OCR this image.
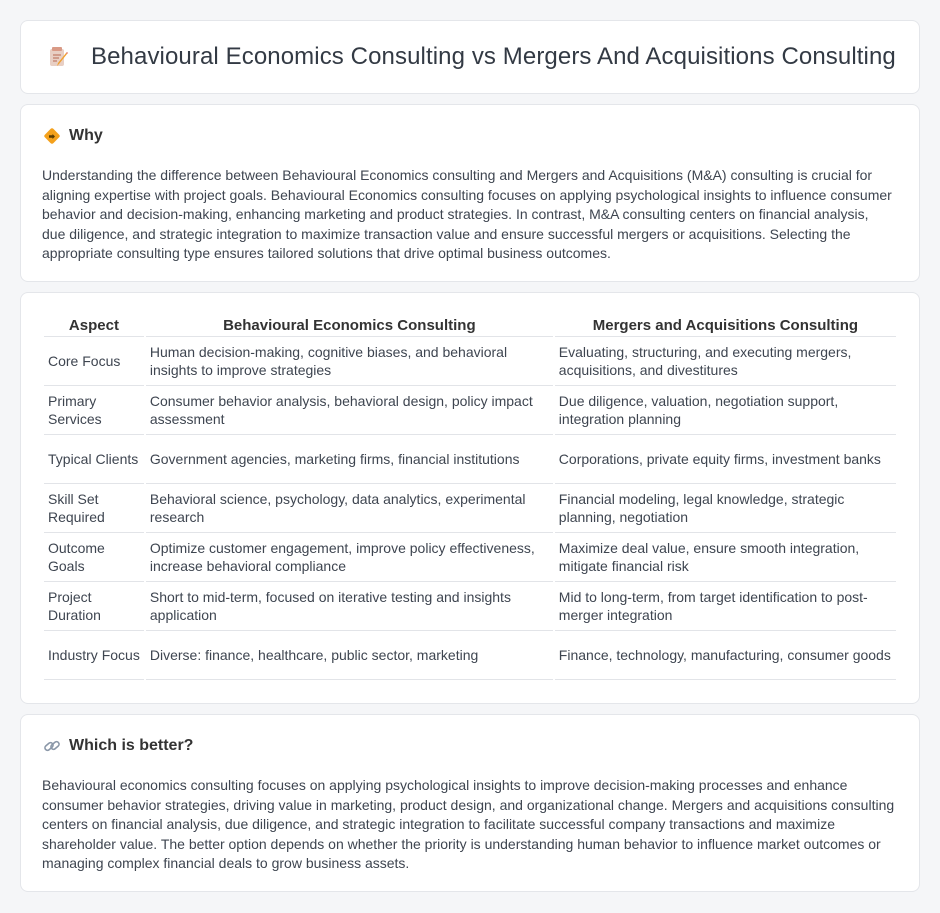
Behavioural Economics Consulting vs Mergers And Acquisitions Consulting
Why

Understanding the difference between Behavioural Economics consulting and Mergers and Acquisitions (M&A) consulting is crucial for aligning expertise with project goals. Behavioural Economics consulting focuses on applying psychological insights to influence consumer behavior and decision-making, enhancing marketing and product strategies. In contrast, M&A consulting centers on financial analysis, due diligence, and strategic integration to maximize transaction value and ensure successful mergers or acquisitions. Selecting the appropriate consulting type ensures tailored solutions that drive optimal business outcomes.

Aspect	Behavioural Economics Consulting	Mergers and Acquisitions Consulting
Core Focus	Human decision-making, cognitive biases, and behavioral insights to improve strategies	Evaluating, structuring, and executing mergers, acquisitions, and divestitures
Primary Services	Consumer behavior analysis, behavioral design, policy impact assessment	Due diligence, valuation, negotiation support, integration planning
Typical Clients	Government agencies, marketing firms, financial institutions	Corporations, private equity firms, investment banks
Skill Set Required	Behavioral science, psychology, data analytics, experimental research	Financial modeling, legal knowledge, strategic planning, negotiation
Outcome Goals	Optimize customer engagement, improve policy effectiveness, increase behavioral compliance	Maximize deal value, ensure smooth integration, mitigate financial risk
Project Duration	Short to mid-term, focused on iterative testing and insights application	Mid to long-term, from target identification to post-merger integration
Industry Focus	Diverse: finance, healthcare, public sector, marketing	Finance, technology, manufacturing, consumer goods
Which is better?

Behavioural economics consulting focuses on applying psychological insights to improve decision-making processes and enhance consumer behavior strategies, driving value in marketing, product design, and organizational change. Mergers and acquisitions consulting centers on financial analysis, due diligence, and strategic integration to facilitate successful company transactions and maximize shareholder value. The better option depends on whether the priority is understanding human behavior to influence market outcomes or managing complex financial deals to grow business assets.
